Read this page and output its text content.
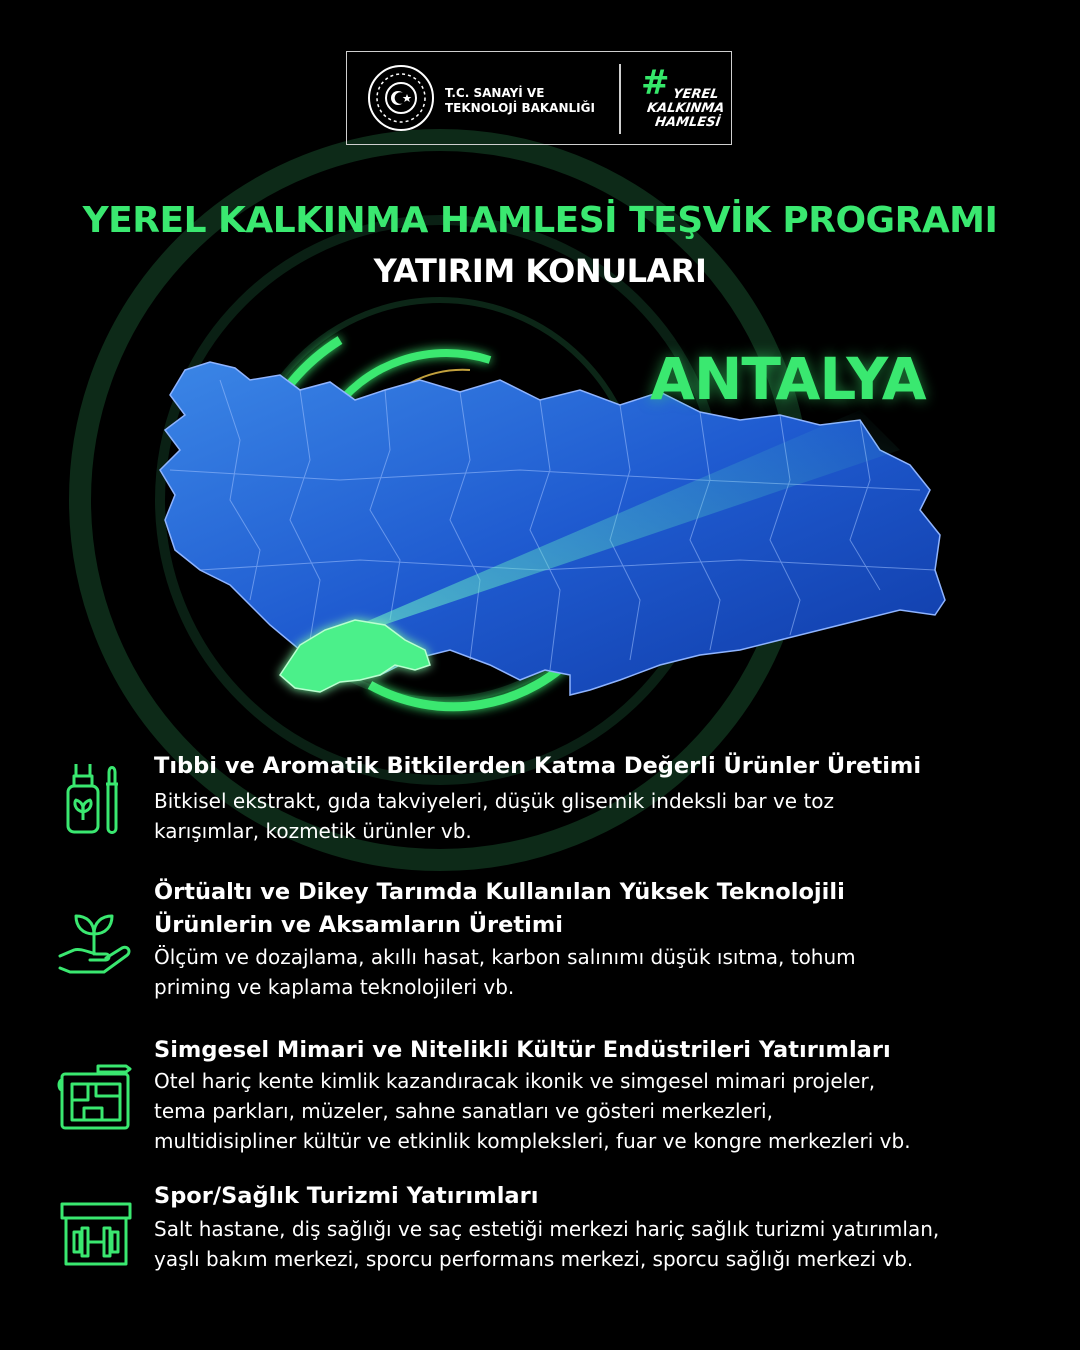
T.C. SANAYİ VE
TEKNOLOJİ BAKANLIĞI
# YEREL
KALKINMA
HAMLESİ
YEREL KALKINMA HAMLESİ TEŞVİK PROGRAMI
YATIRIM KONULARI
ANTALYA
Tıbbi ve Aromatik Bitkilerden Katma Değerli Ürünler Üretimi
Bitkisel ekstrakt, gıda takviyeleri, düşük glisemik indeksli bar ve toz
karışımlar, kozmetik ürünler vb.
Örtüaltı ve Dikey Tarımda Kullanılan Yüksek Teknolojili
Ürünlerin ve Aksamların Üretimi
Ölçüm ve dozajlama, akıllı hasat, karbon salınımı düşük ısıtma, tohum
priming ve kaplama teknolojileri vb.
Simgesel Mimari ve Nitelikli Kültür Endüstrileri Yatırımları
Otel hariç kente kimlik kazandıracak ikonik ve simgesel mimari projeler,
tema parkları, müzeler, sahne sanatları ve gösteri merkezleri,
multidisipliner kültür ve etkinlik kompleksleri, fuar ve kongre merkezleri vb.
Spor/Sağlık Turizmi Yatırımları
Salt hastane, diş sağlığı ve saç estetiği merkezi hariç sağlık turizmi yatırımlan,
yaşlı bakım merkezi, sporcu performans merkezi, sporcu sağlığı merkezi vb.
